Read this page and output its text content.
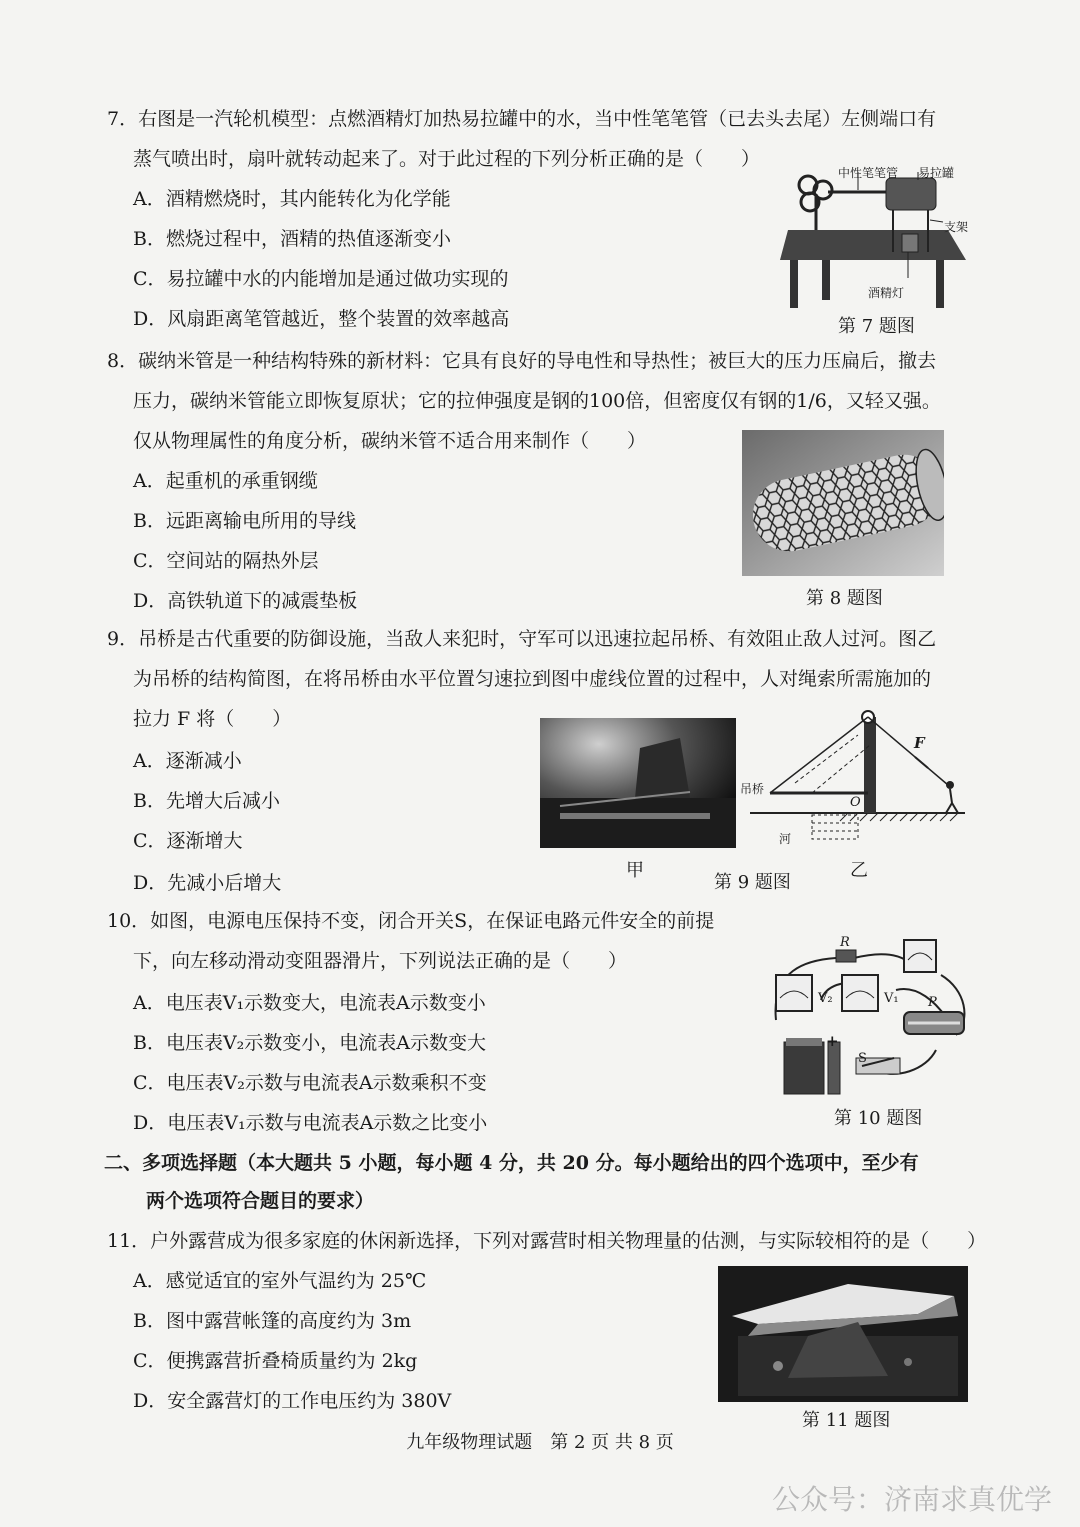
7．右图是一汽轮机模型：点燃酒精灯加热易拉罐中的水，当中性笔笔管（已去头去尾）左侧端口有
蒸气喷出时，扇叶就转动起来了。对于此过程的下列分析正确的是（　　）
A．酒精燃烧时，其内能转化为化学能
B．燃烧过程中，酒精的热值逐渐变小
C．易拉罐中水的内能增加是通过做功实现的
D．风扇距离笔管越近，整个装置的效率越高
中性笔笔管 易拉罐
支架
酒精灯
第 7 题图
8．碳纳米管是一种结构特殊的新材料：它具有良好的导电性和导热性；被巨大的压力压扁后，撤去
压力，碳纳米管能立即恢复原状；它的拉伸强度是钢的100倍，但密度仅有钢的1/6，又轻又强。
仅从物理属性的角度分析，碳纳米管不适合用来制作（　　）
A．起重机的承重钢缆
B．远距离输电所用的导线
C．空间站的隔热外层
D．高铁轨道下的减震垫板	第 8 题图
9．吊桥是古代重要的防御设施，当敌人来犯时，守军可以迅速拉起吊桥、有效阻止敌人过河。图乙
为吊桥的结构简图，在将吊桥由水平位置匀速拉到图中虚线位置的过程中，人对绳索所需施加的
拉力 F 将（　　）
A．逐渐减小
B．先增大后减小
C．逐渐增大
D．先减小后增大
甲
吊桥
河
F
O
第 9 题图
乙
10．如图，电源电压保持不变，闭合开关S，在保证电路元件安全的前提
下，向左移动滑动变阻器滑片，下列说法正确的是（　　）
A．电压表V₁示数变大，电流表A示数变小
B．电压表V₂示数变小，电流表A示数变大
C．电压表V₂示数与电流表A示数乘积不变
D．电压表V₁示数与电流表A示数之比变小
R
V₂	V₁ P
S
+
第 10 题图
二、多项选择题（本大题共 5 小题，每小题 4 分，共 20 分。每小题给出的四个选项中，至少有
两个选项符合题目的要求）
11．户外露营成为很多家庭的休闲新选择，下列对露营时相关物理量的估测，与实际较相符的是（　　）
A．感觉适宜的室外气温约为 25℃
B．图中露营帐篷的高度约为 3m
C．便携露营折叠椅质量约为 2kg
D．安全露营灯的工作电压约为 380V
第 11 题图
九年级物理试题　第 2 页 共 8 页
公众号：济南求真优学
